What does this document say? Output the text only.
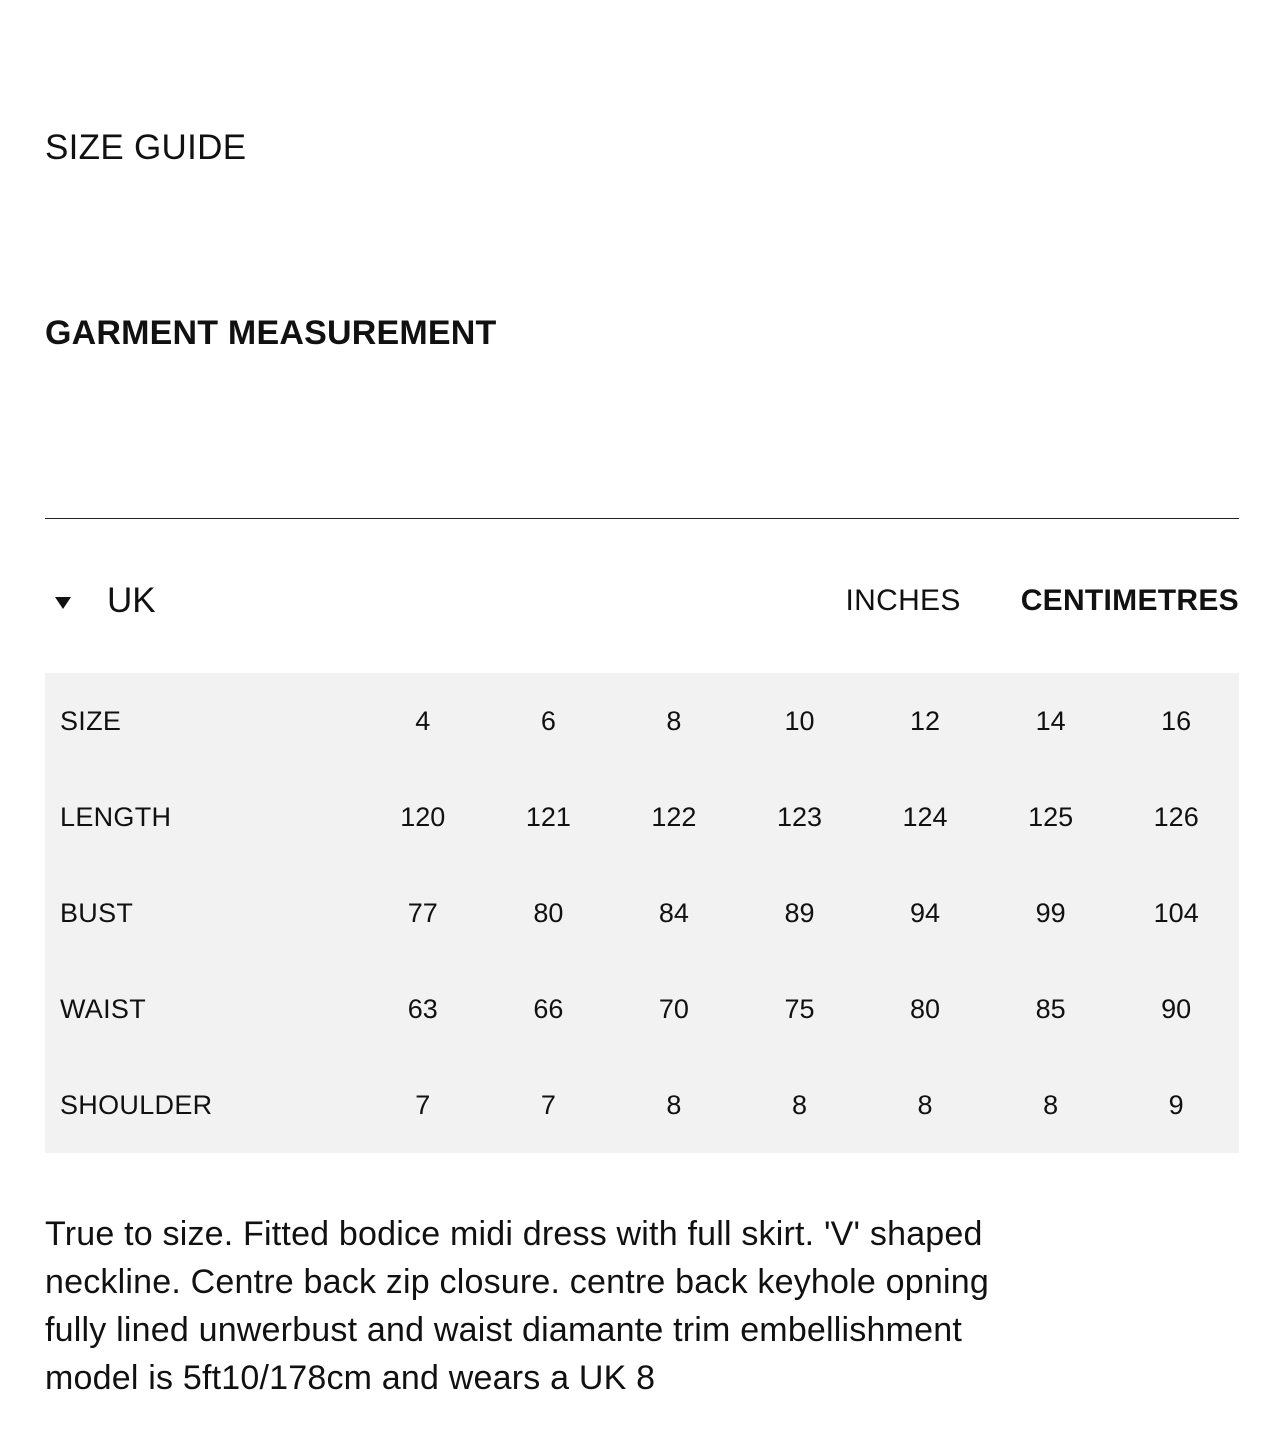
SIZE GUIDE
GARMENT MEASUREMENT
UK	INCHES CENTIMETRES
SIZE	4	6	8	10	12	14	16
LENGTH	120	121	122	123	124	125	126
BUST	77	80	84	89	94	99	104
WAIST	63	66	70	75	80	85	90
SHOULDER	7	7	8	8	8	8	9

True to size. Fitted bodice midi dress with full skirt. 'V' shaped
neckline. Centre back zip closure. centre back keyhole opning
fully lined unwerbust and waist diamante trim embellishment
model is 5ft10/178cm and wears a UK 8
